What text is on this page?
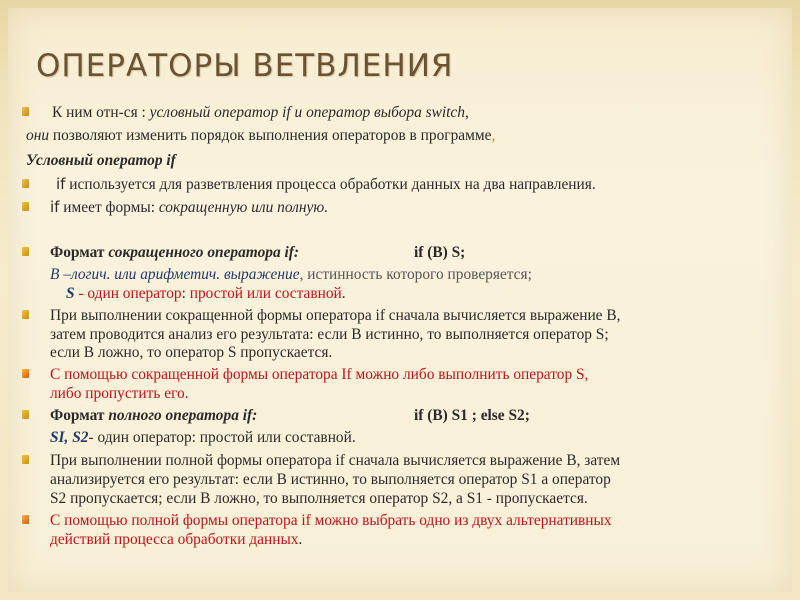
ОПЕРАТОРЫ ВЕТВЛЕНИЯ
К ним отн-ся : условный оператор if и оператор выбора switch,
они позволяют изменить порядок выполнения операторов в программе,
Условный оператор if
if используется для разветвления процесса обработки данных на два направления.
if имеет формы: сокращенную или полную.
Формат сокращенного оператора if:	if (B) S;
B –логич. или арифметич. выражение, истинность которого проверяется;
S - один оператор: простой или составной.
При выполнении сокращенной формы оператора if сначала вычисляется выражение B,
затем проводится анализ его результата: если B истинно, то выполняется оператор S;
если B ложно, то оператор S пропускается.
С помощью сокращенной формы оператора If можно либо выполнить оператор S,
либо пропустить его.
Формат полного оператора if:	if (B) S1 ; else S2;
SI, S2- один оператор: простой или составной.
При выполнении полной формы оператора if сначала вычисляется выражение B, затем
анализируется его результат: если B истинно, то выполняется оператор S1 а оператор
S2 пропускается; если B ложно, то выполняется оператор S2, а S1 - пропускается.
С помощью полной формы оператора if можно выбрать одно из двух альтернативных
действий процесса обработки данных.
